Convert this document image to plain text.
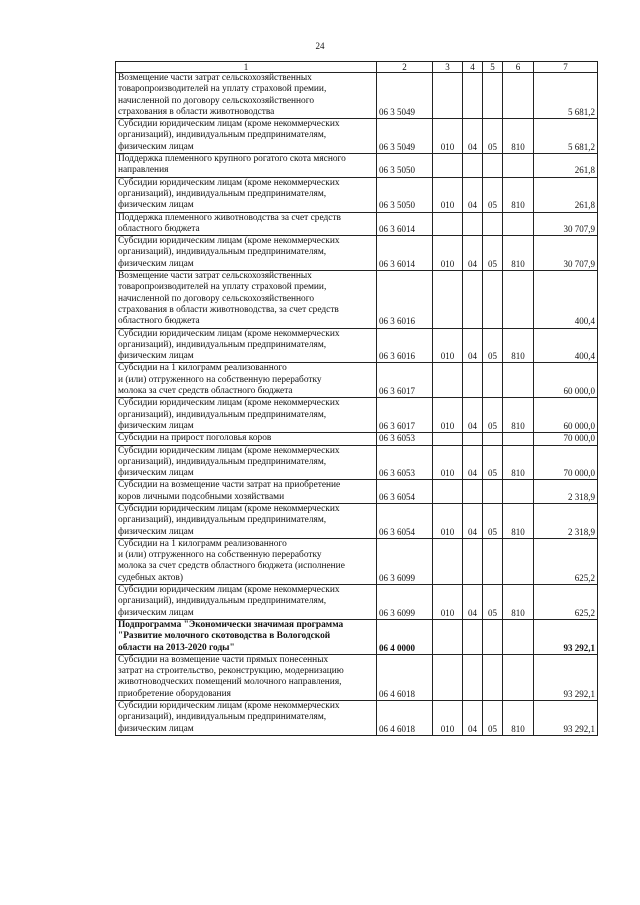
24
1	2	3	4	5	6	7
Возмещение части затрат сельскохозяйственных
товаропроизводителей на уплату страховой премии,
начисленной по договору сельскохозяйственного
страхования в области животноводства	06 3 5049					5 681,2
Субсидии юридическим лицам (кроме некоммерческих
организаций), индивидуальным предпринимателям,
физическим лицам	06 3 5049	010	04	05	810	5 681,2
Поддержка племенного крупного рогатого скота мясного
направления	06 3 5050					261,8
Субсидии юридическим лицам (кроме некоммерческих
организаций), индивидуальным предпринимателям,
физическим лицам	06 3 5050	010	04	05	810	261,8
Поддержка племенного животноводства за счет средств
областного бюджета	06 3 6014					30 707,9
Субсидии юридическим лицам (кроме некоммерческих
организаций), индивидуальным предпринимателям,
физическим лицам	06 3 6014	010	04	05	810	30 707,9
Возмещение части затрат сельскохозяйственных
товаропроизводителей на уплату страховой премии,
начисленной по договору сельскохозяйственного
страхования в области животноводства, за счет средств
областного бюджета	06 3 6016					400,4
Субсидии юридическим лицам (кроме некоммерческих
организаций), индивидуальным предпринимателям,
физическим лицам	06 3 6016	010	04	05	810	400,4
Субсидии на 1 килограмм реализованного
и (или) отгруженного на собственную переработку
молока за счет средств областного бюджета	06 3 6017					60 000,0
Субсидии юридическим лицам (кроме некоммерческих
организаций), индивидуальным предпринимателям,
физическим лицам	06 3 6017	010	04	05	810	60 000,0
Субсидии на прирост поголовья коров	06 3 6053					70 000,0
Субсидии юридическим лицам (кроме некоммерческих
организаций), индивидуальным предпринимателям,
физическим лицам	06 3 6053	010	04	05	810	70 000,0
Субсидии на возмещение части затрат на приобретение
коров личными подсобными хозяйствами	06 3 6054					2 318,9
Субсидии юридическим лицам (кроме некоммерческих
организаций), индивидуальным предпринимателям,
физическим лицам	06 3 6054	010	04	05	810	2 318,9
Субсидии на 1 килограмм реализованного
и (или) отгруженного на собственную переработку
молока за счет средств областного бюджета (исполнение
судебных актов)	06 3 6099					625,2
Субсидии юридическим лицам (кроме некоммерческих
организаций), индивидуальным предпринимателям,
физическим лицам	06 3 6099	010	04	05	810	625,2
Подпрограмма "Экономически значимая программа
"Развитие молочного скотоводства в Вологодской
области на 2013-2020 годы"	06 4 0000					93 292,1
Субсидии на возмещение части прямых понесенных
затрат на строительство, реконструкцию, модернизацию
животноводческих помещений молочного направления,
приобретение оборудования	06 4 6018					93 292,1
Субсидии юридическим лицам (кроме некоммерческих
организаций), индивидуальным предпринимателям,
физическим лицам	06 4 6018	010	04	05	810	93 292,1
